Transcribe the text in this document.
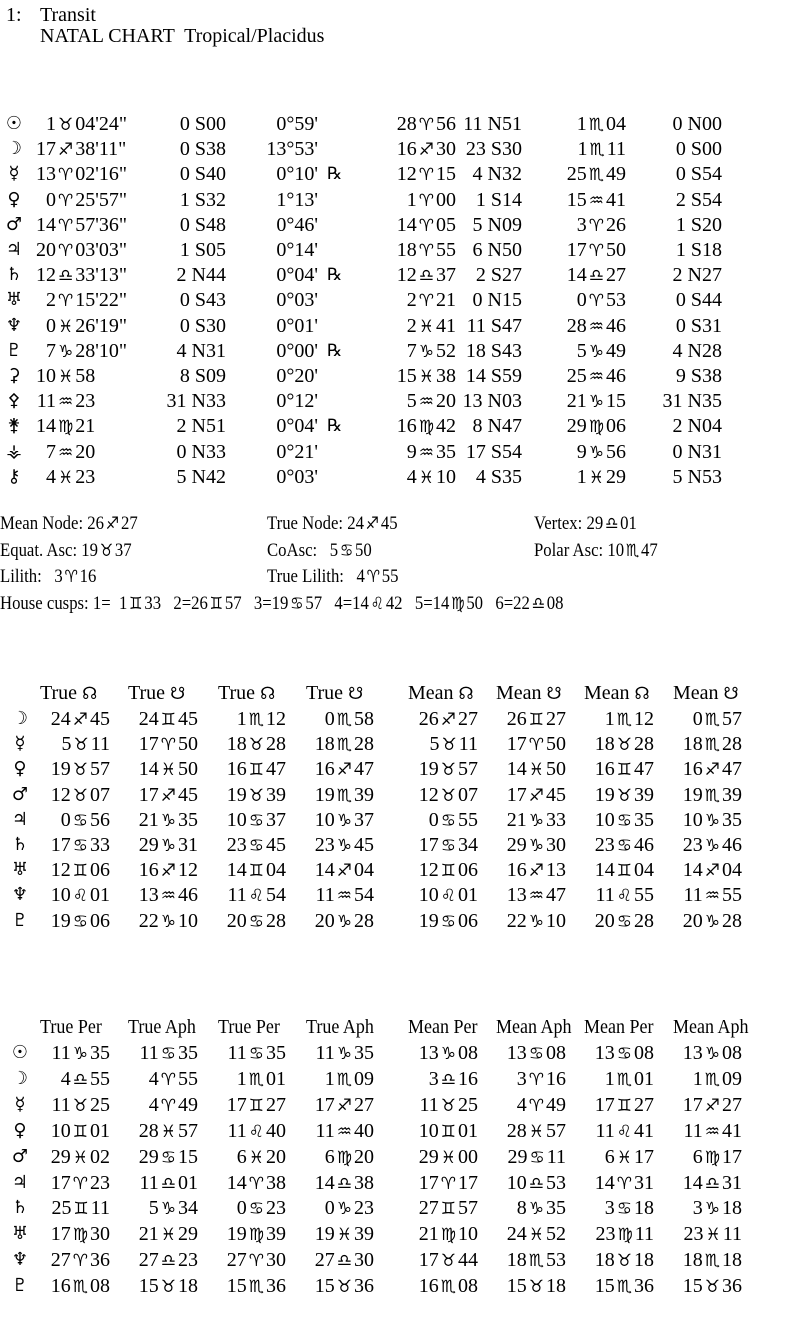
1: Transit
NATAL CHART  Tropical/Placidus
☉	1 ♉ 04'24"	0 S00	0°59'	28 ♈ 56 11 N51	1 ♏ 04	0 N00
☽ 17 ♐ 38'11"	0 S38	13°53'	16 ♐ 30 23 S30	1 ♏ 11	0 S00
☿ 13 ♈ 02'16"	0 S40	0°10' ℞	12 ♈ 15 4 N32	25 ♏ 49	0 S54
♀	0 ♈ 25'57"	1 S32	1°13'	1 ♈ 00 1 S14	15 ♒ 41	2 S54
♂ 14 ♈ 57'36"	0 S48	0°46'	14 ♈ 05 5 N09	3 ♈ 26	1 S20
♃ 20 ♈ 03'03"	1 S05	0°14'	18 ♈ 55 6 N50	17 ♈ 50	1 S18
♄ 12 ♎ 33'13"	2 N44	0°04' ℞	12 ♎ 37 2 S27	14 ♎ 27	2 N27
♅	2 ♈ 15'22"	0 S43	0°03'	2 ♈ 21 0 N15	0 ♈ 53	0 S44
♆	0 ♓ 26'19"	0 S30	0°01'	2 ♓ 41 11 S47	28 ♒ 46	0 S31
♇	7 ♑ 28'10"	4 N31	0°00' ℞	7 ♑ 52 18 S43	5 ♑ 49	4 N28
⚳ 10 ♓ 58	8 S09	0°20'	15 ♓ 38 14 S59	25 ♒ 46	9 S38
⚴ 11 ♒ 23	31 N33	0°12'	5 ♒ 20 13 N03	21 ♑ 15	31 N35
⚵ 14 ♍ 21	2 N51	0°04' ℞	16 ♍ 42 8 N47	29 ♍ 06	2 N04
⚶	7 ♒ 20	0 N33	0°21'	9 ♒ 35 17 S54	9 ♑ 56	0 N31
⚷	4 ♓ 23	5 N42	0°03'	4 ♓ 10 4 S35	1 ♓ 29	5 N53
Mean Node: 26 ♐27	True Node: 24 ♐45	Vertex: 29 ♎01
Equat. Asc: 19 ♉37	CoAsc:   5 ♋50	Polar Asc: 10 ♏47
Lilith:   3 ♈16	True Lilith:   4 ♈55
House cusps: 1=  1 ♊33 2=26 ♊57 3=19 ♋57 4=14 ♌42 5=14 ♍50 6=22 ♎08
True ☊ True ☋ True ☊ True ☋ Mean ☊ Mean ☋ Mean ☊ Mean ☋
☽	24 ♐ 45	24 ♊ 45	1 ♏ 12	0 ♏ 58	26 ♐ 27	26 ♊ 27	1 ♏ 12	0 ♏ 57
☿	5 ♉ 11	17 ♈ 50	18 ♉ 28	18 ♏ 28	5 ♉ 11	17 ♈ 50	18 ♉ 28	18 ♏ 28
♀	19 ♉ 57	14 ♓ 50	16 ♊ 47	16 ♐ 47	19 ♉ 57	14 ♓ 50	16 ♊ 47	16 ♐ 47
♂	12 ♉ 07	17 ♐ 45	19 ♉ 39	19 ♏ 39	12 ♉ 07	17 ♐ 45	19 ♉ 39	19 ♏ 39
♃	0 ♋ 56	21 ♑ 35	10 ♋ 37	10 ♑ 37	0 ♋ 55	21 ♑ 33	10 ♋ 35	10 ♑ 35
♄	17 ♋ 33	29 ♑ 31	23 ♋ 45	23 ♑ 45	17 ♋ 34	29 ♑ 30	23 ♋ 46	23 ♑ 46
♅	12 ♊ 06	16 ♐ 12	14 ♊ 04	14 ♐ 04	12 ♊ 06	16 ♐ 13	14 ♊ 04	14 ♐ 04
♆	10 ♌ 01	13 ♒ 46	11 ♌ 54	11 ♒ 54	10 ♌ 01	13 ♒ 47	11 ♌ 55	11 ♒ 55
♇	19 ♋ 06	22 ♑ 10	20 ♋ 28	20 ♑ 28	19 ♋ 06	22 ♑ 10	20 ♋ 28	20 ♑ 28
True Per True Aph True Per True Aph Mean Per Mean Aph Mean Per Mean Aph
☉	11 ♑ 35	11 ♋ 35	11 ♋ 35	11 ♑ 35	13 ♑ 08	13 ♋ 08	13 ♋ 08	13 ♑ 08
☽	4 ♎ 55	4 ♈ 55	1 ♏ 01	1 ♏ 09	3 ♎ 16	3 ♈ 16	1 ♏ 01	1 ♏ 09
☿	11 ♉ 25	4 ♈ 49	17 ♊ 27	17 ♐ 27	11 ♉ 25	4 ♈ 49	17 ♊ 27	17 ♐ 27
♀	10 ♊ 01	28 ♓ 57	11 ♌ 40	11 ♒ 40	10 ♊ 01	28 ♓ 57	11 ♌ 41	11 ♒ 41
♂	29 ♓ 02	29 ♋ 15	6 ♓ 20	6 ♍ 20	29 ♓ 00	29 ♋ 11	6 ♓ 17	6 ♍ 17
♃	17 ♈ 23	11 ♎ 01	14 ♈ 38	14 ♎ 38	17 ♈ 17	10 ♎ 53	14 ♈ 31	14 ♎ 31
♄	25 ♊ 11	5 ♑ 34	0 ♋ 23	0 ♑ 23	27 ♊ 57	8 ♑ 35	3 ♋ 18	3 ♑ 18
♅	17 ♍ 30	21 ♓ 29	19 ♍ 39	19 ♓ 39	21 ♍ 10	24 ♓ 52	23 ♍ 11	23 ♓ 11
♆	27 ♈ 36	27 ♎ 23	27 ♈ 30	27 ♎ 30	17 ♉ 44	18 ♏ 53	18 ♉ 18	18 ♏ 18
♇	16 ♏ 08	15 ♉ 18	15 ♏ 36	15 ♉ 36	16 ♏ 08	15 ♉ 18	15 ♏ 36	15 ♉ 36
